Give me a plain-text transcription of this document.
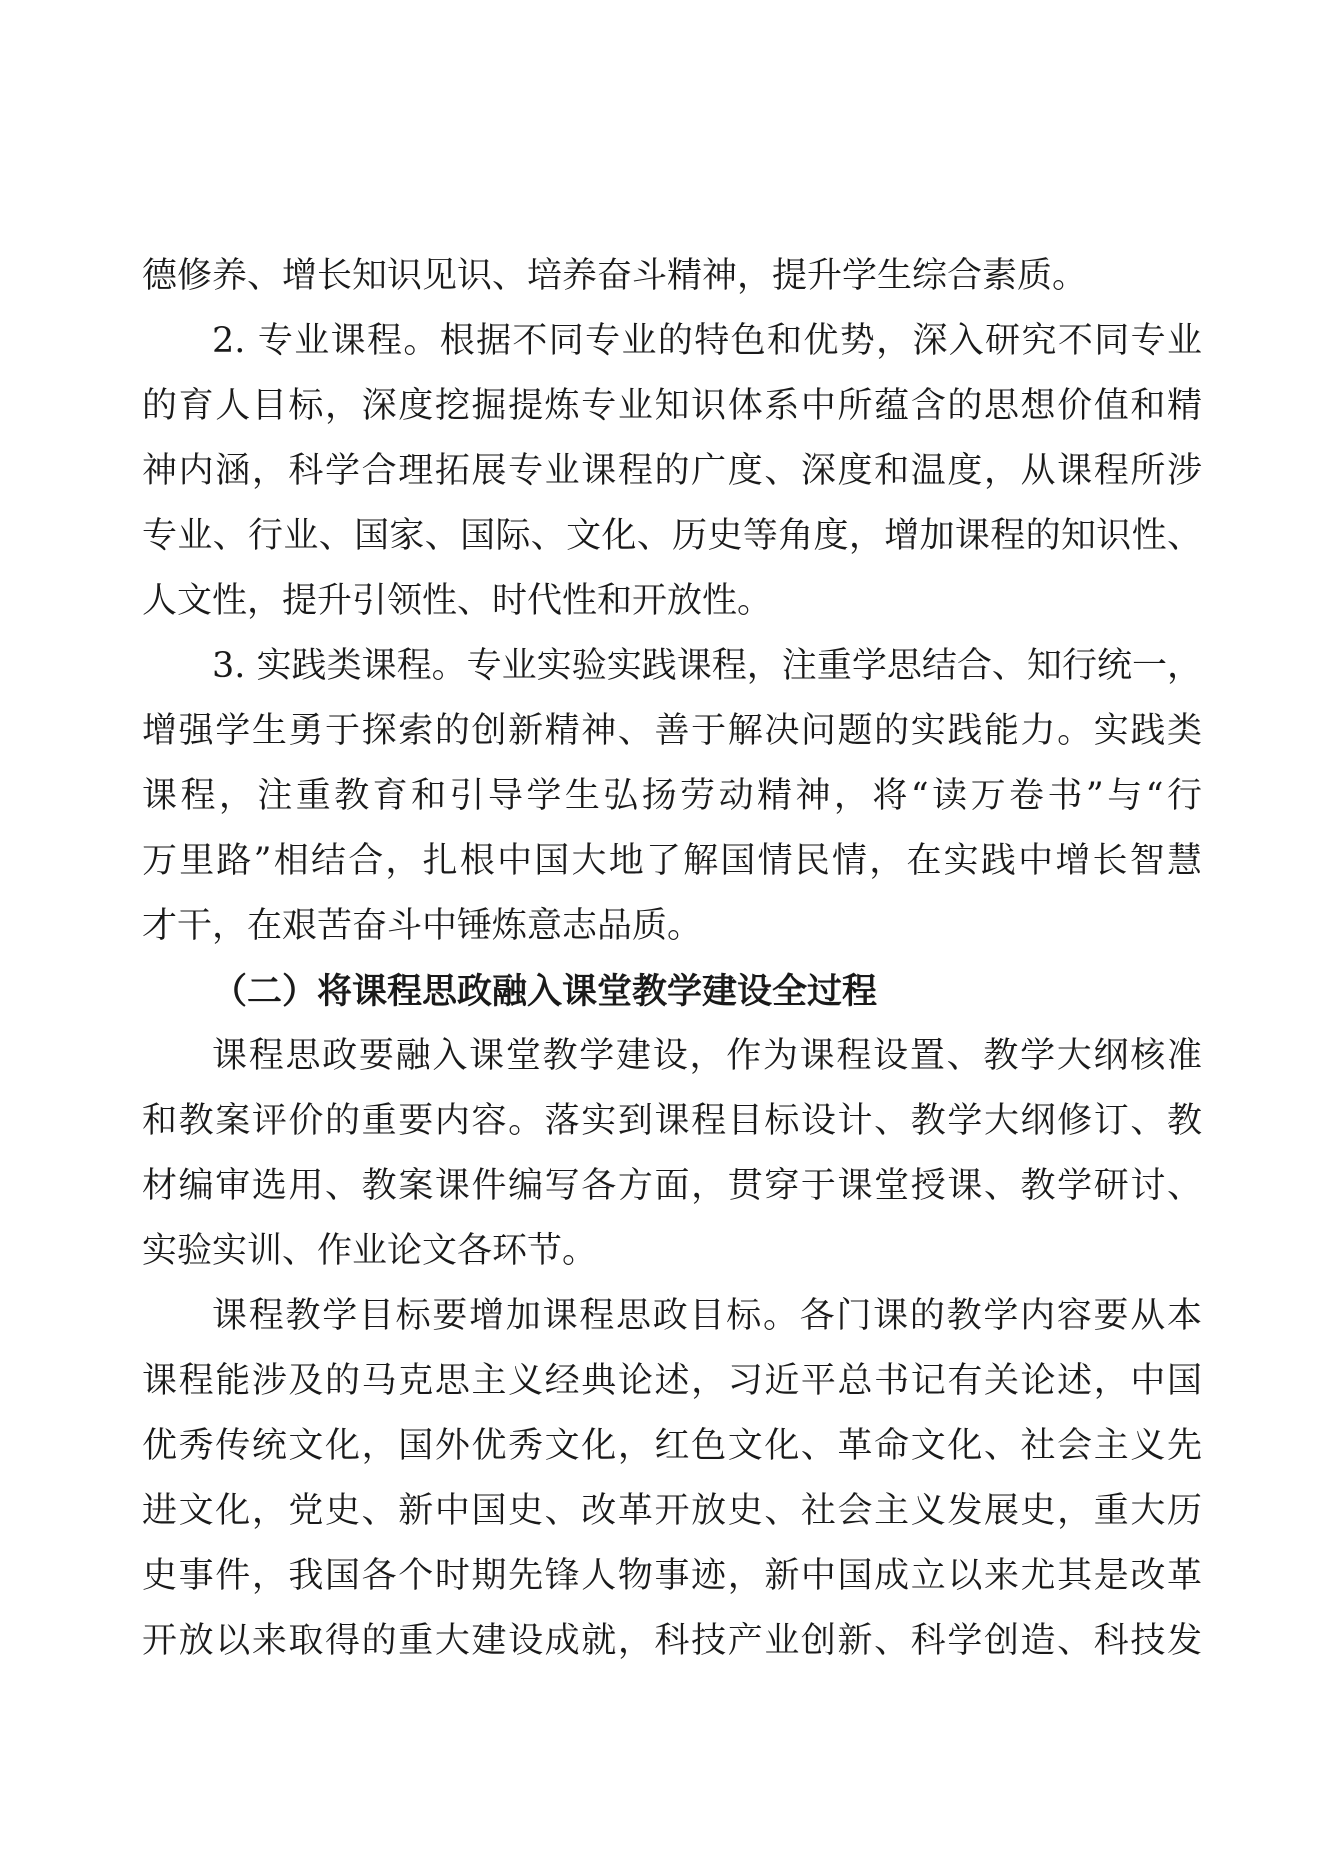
德修养、增长知识见识、培养奋斗精神，提升学生综合素质。
2. 专业课程。根据不同专业的特色和优势，深入研究不同专业
的育人目标，深度挖掘提炼专业知识体系中所蕴含的思想价值和精
神内涵，科学合理拓展专业课程的广度、深度和温度，从课程所涉
专业、行业、国家、国际、文化、历史等角度，增加课程的知识性、
人文性，提升引领性、时代性和开放性。
3. 实践类课程。专业实验实践课程，注重学思结合、知行统一，
增强学生勇于探索的创新精神、善于解决问题的实践能力。实践类
课程，注重教育和引导学生弘扬劳动精神，将“读万卷书”与“行
万里路”相结合，扎根中国大地了解国情民情，在实践中增长智慧
才干，在艰苦奋斗中锤炼意志品质。
（二）将课程思政融入课堂教学建设全过程
课程思政要融入课堂教学建设，作为课程设置、教学大纲核准
和教案评价的重要内容。落实到课程目标设计、教学大纲修订、教
材编审选用、教案课件编写各方面，贯穿于课堂授课、教学研讨、
实验实训、作业论文各环节。
课程教学目标要增加课程思政目标。各门课的教学内容要从本
课程能涉及的马克思主义经典论述，习近平总书记有关论述，中国
优秀传统文化，国外优秀文化，红色文化、革命文化、社会主义先
进文化，党史、新中国史、改革开放史、社会主义发展史，重大历
史事件，我国各个时期先锋人物事迹，新中国成立以来尤其是改革
开放以来取得的重大建设成就，科技产业创新、科学创造、科技发
